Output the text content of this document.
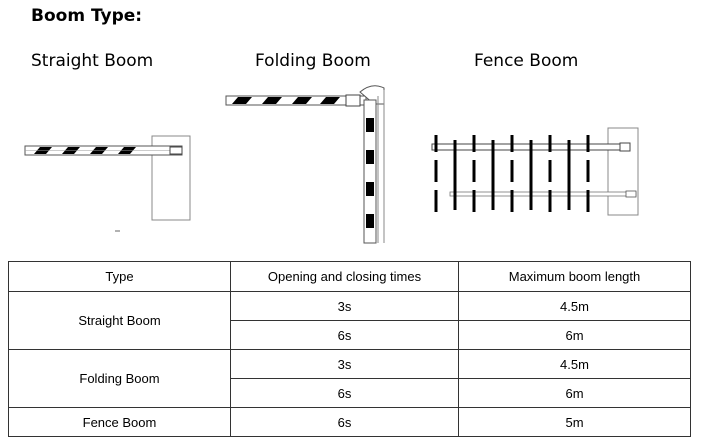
Boom Type:
Straight Boom	Folding Boom	Fence Boom
Type	Opening and closing times	Maximum boom length
Straight Boom	3s	4.5m
	6s	6m
Folding Boom	3s	4.5m
	6s	6m
Fence Boom	6s	5m
